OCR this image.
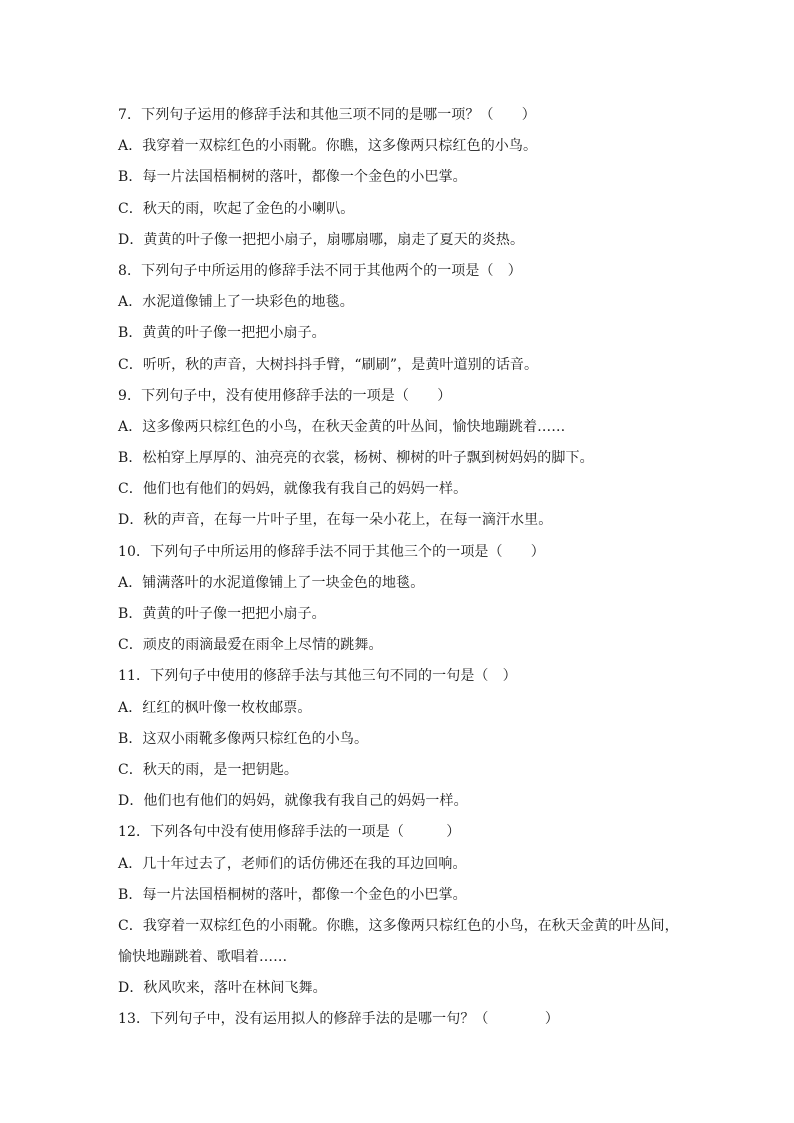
7．下列句子运用的修辞手法和其他三项不同的是哪一项？（　　）
A．我穿着一双棕红色的小雨靴。你瞧，这多像两只棕红色的小鸟。
B．每一片法国梧桐树的落叶，都像一个金色的小巴掌。
C．秋天的雨，吹起了金色的小喇叭。
D．黄黄的叶子像一把把小扇子，扇哪扇哪，扇走了夏天的炎热。
8．下列句子中所运用的修辞手法不同于其他两个的一项是（　）
A．水泥道像铺上了一块彩色的地毯。
B．黄黄的叶子像一把把小扇子。
C．听听，秋的声音，大树抖抖手臂，“刷刷”，是黄叶道别的话音。
9．下列句子中，没有使用修辞手法的一项是（　　）
A．这多像两只棕红色的小鸟，在秋天金黄的叶丛间，愉快地蹦跳着……
B．松柏穿上厚厚的、油亮亮的衣裳，杨树、柳树的叶子飘到树妈妈的脚下。
C．他们也有他们的妈妈，就像我有我自己的妈妈一样。
D．秋的声音，在每一片叶子里，在每一朵小花上，在每一滴汗水里。
10．下列句子中所运用的修辞手法不同于其他三个的一项是（　　）
A．铺满落叶的水泥道像铺上了一块金色的地毯。
B．黄黄的叶子像一把把小扇子。
C．顽皮的雨滴最爱在雨伞上尽情的跳舞。
11．下列句子中使用的修辞手法与其他三句不同的一句是（　）
A．红红的枫叶像一枚枚邮票。
B．这双小雨靴多像两只棕红色的小鸟。
C．秋天的雨，是一把钥匙。
D．他们也有他们的妈妈，就像我有我自己的妈妈一样。
12．下列各句中没有使用修辞手法的一项是（　　　）
A．几十年过去了，老师们的话仿佛还在我的耳边回响。
B．每一片法国梧桐树的落叶，都像一个金色的小巴掌。
C．我穿着一双棕红色的小雨靴。你瞧，这多像两只棕红色的小鸟，在秋天金黄的叶丛间，
愉快地蹦跳着、歌唱着……
D．秋风吹来，落叶在林间飞舞。
13．下列句子中，没有运用拟人的修辞手法的是哪一句？（　　　　）
